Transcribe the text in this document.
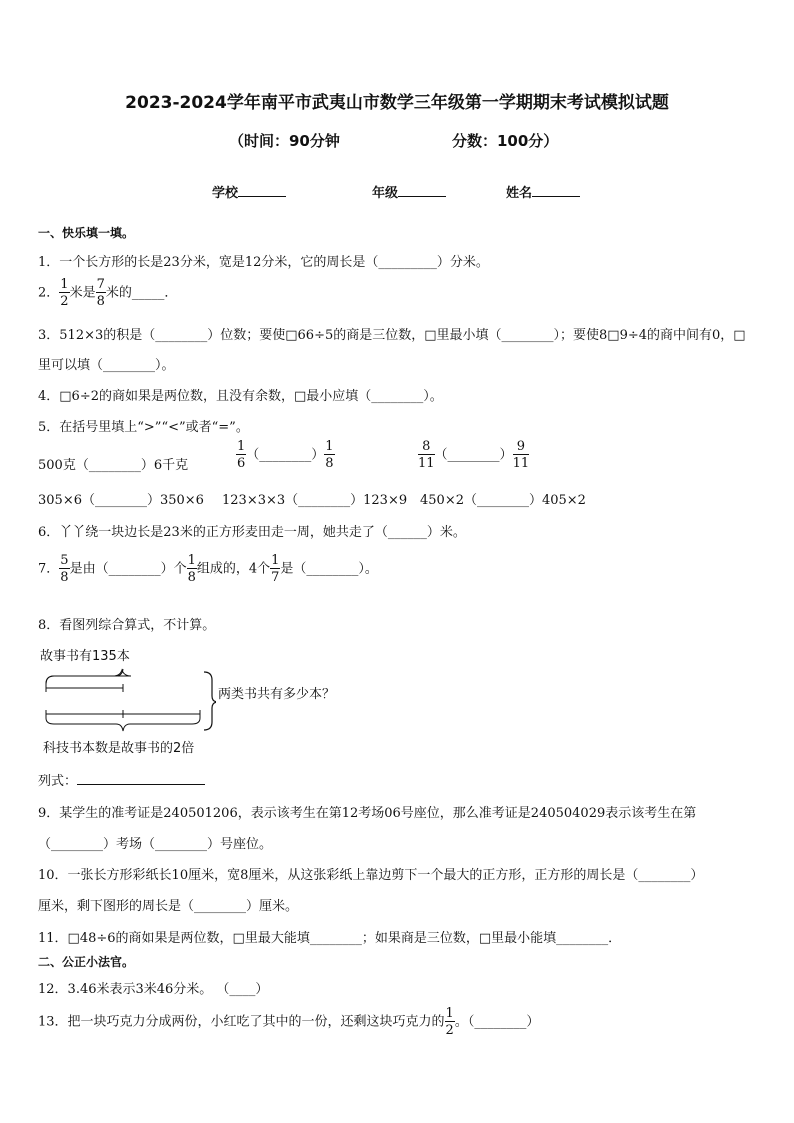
2023-2024学年南平市武夷山市数学三年级第一学期期末考试模拟试题
（时间：90分钟	分数：100分）
学校	年级	姓名
一、快乐填一填。
1．一个长方形的长是23分米，宽是12分米，它的周长是（_________）分米。
2． $\frac{1}{2}$ 米是 $\frac{7}{8}$ 米的_____．
3．512×3的积是（________）位数；要使□66÷5的商是三位数，□里最小填（________）；要使8□9÷4的商中间有0，□
里可以填（________）。
4．□6÷2的商如果是两位数，且没有余数，□最小应填（________）。
5．在括号里填上“>”“<”或者“=”。
500克（________）6千克	$\frac{1}{6}$ （________） $\frac{1}{8}$	$\frac{8}{11}$ （________） $\frac{9}{11}$
305×6（________）350×6 123×3×3（________）123×9 450×2（________）405×2
6．丫丫绕一块边长是23米的正方形麦田走一周，她共走了（______）米。
7． $\frac{5}{8}$ 是由（________）个 $\frac{1}{8}$ 组成的，4个 $\frac{1}{7}$ 是（________）。
8．看图列综合算式，不计算。
故事书有135本
两类书共有多少本？
科技书本数是故事书的2倍
列式：
9．某学生的准考证是240501206，表示该考生在第12考场06号座位，那么准考证是240504029表示该考生在第
（________）考场（________）号座位。
10．一张长方形彩纸长10厘米，宽8厘米，从这张彩纸上靠边剪下一个最大的正方形，正方形的周长是（________）
厘米，剩下图形的周长是（________）厘米。
11．□48÷6的商如果是两位数，□里最大能填________；如果商是三位数，□里最小能填________．
二、公正小法官。
12．3.46米表示3米46分米。 （____）
13．把一块巧克力分成两份，小红吃了其中的一份，还剩这块巧克力的 $\frac{1}{2}$ 。（________）
